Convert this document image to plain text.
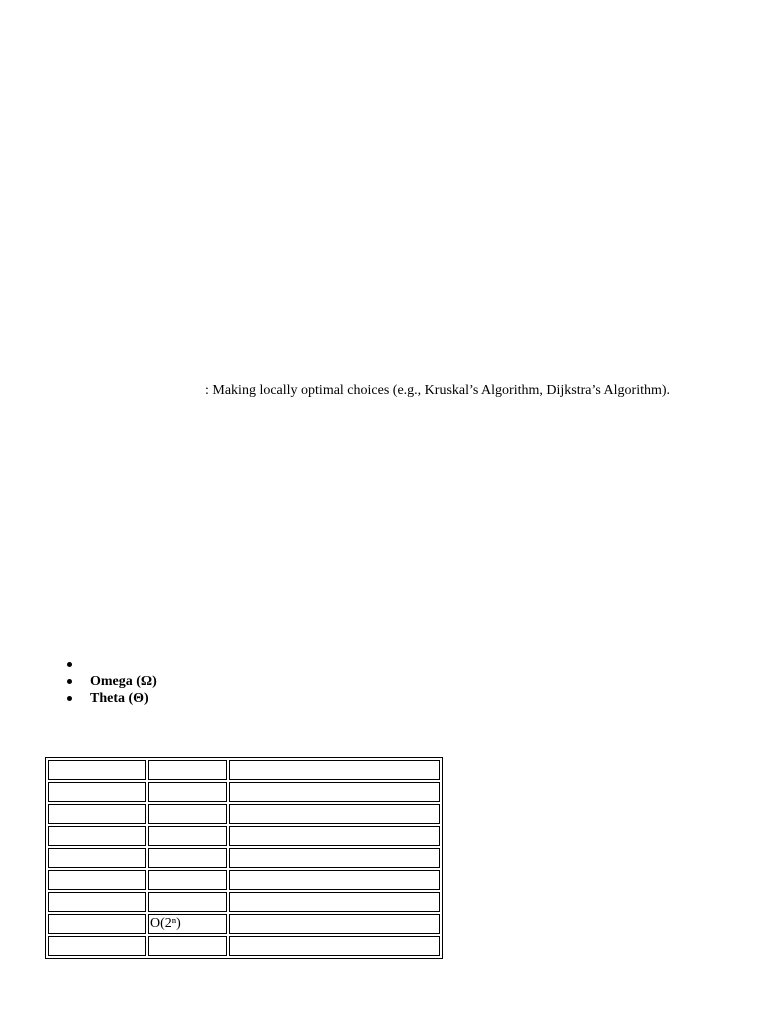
: Making locally optimal choices (e.g., Kruskal’s Algorithm, Dijkstra’s Algorithm).
Omega (Ω)
Theta (Θ)

	O(2ⁿ)	
